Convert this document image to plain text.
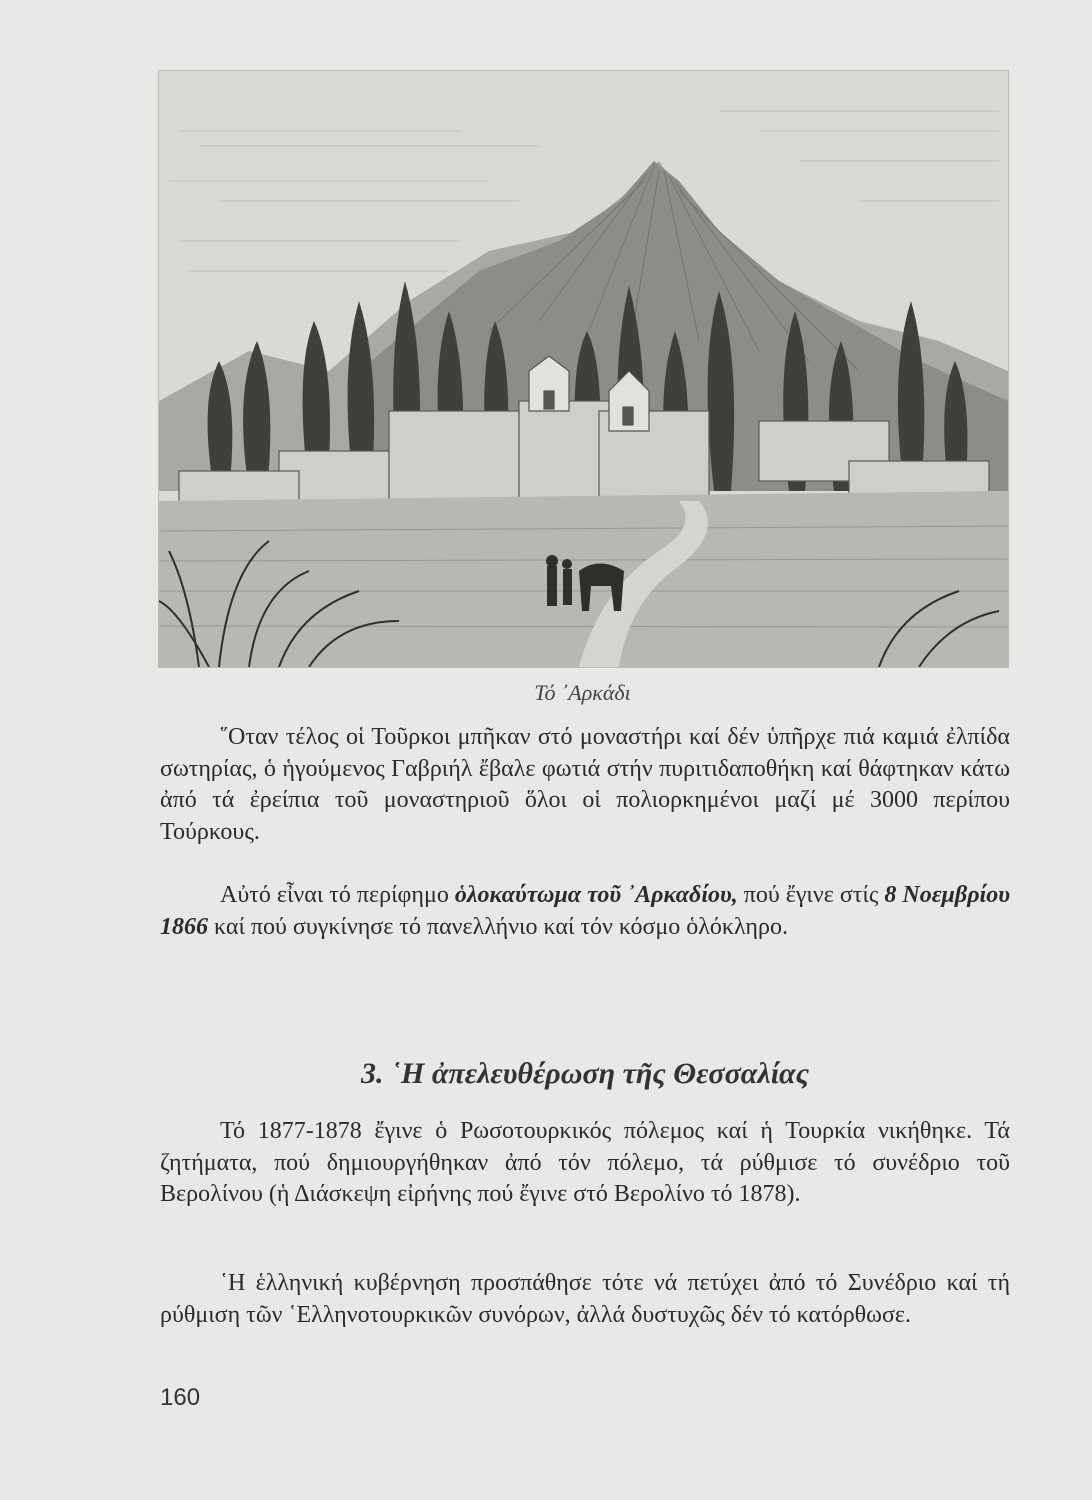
Τό ᾿Αρκάδι

῞Οταν τέλος οἱ Τοῦρκοι μπῆκαν στό μοναστήρι καί δέν ὑπῆρχε πιά καμιά ἐλπίδα σωτηρίας, ὁ ἡγούμενος Γαβριήλ ἔβαλε φωτιά στήν πυριτιδαποθήκη καί θάφτηκαν κάτω ἀπό τά ἐρείπια τοῦ μοναστηριοῦ ὅλοι οἱ πολιορκημένοι μαζί μέ 3000 περίπου Τούρκους.

Αὐτό εἶναι τό περίφημο ὁλοκαύτωμα τοῦ ᾿Αρκαδίου, πού ἔγινε στίς 8 Νοεμβρίου 1866 καί πού συγκίνησε τό πανελλήνιο καί τόν κόσμο ὁλόκληρο.

3. ῾Η ἀπελευθέρωση τῆς Θεσσαλίας

Τό 1877-1878 ἔγινε ὁ Ρωσοτουρκικός πόλεμος καί ἡ Τουρκία νικήθηκε. Τά ζητήματα, πού δημιουργήθηκαν ἀπό τόν πόλεμο, τά ρύθμισε τό συνέδριο τοῦ Βερολίνου (ἡ Διάσκεψη εἰρήνης πού ἔγινε στό Βερολίνο τό 1878).

῾Η ἑλληνική κυβέρνηση προσπάθησε τότε νά πετύχει ἀπό τό Συνέδριο καί τή ρύθμιση τῶν ῾Ελληνοτουρκικῶν συνόρων, ἀλλά δυστυχῶς δέν τό κατόρθωσε.

160
